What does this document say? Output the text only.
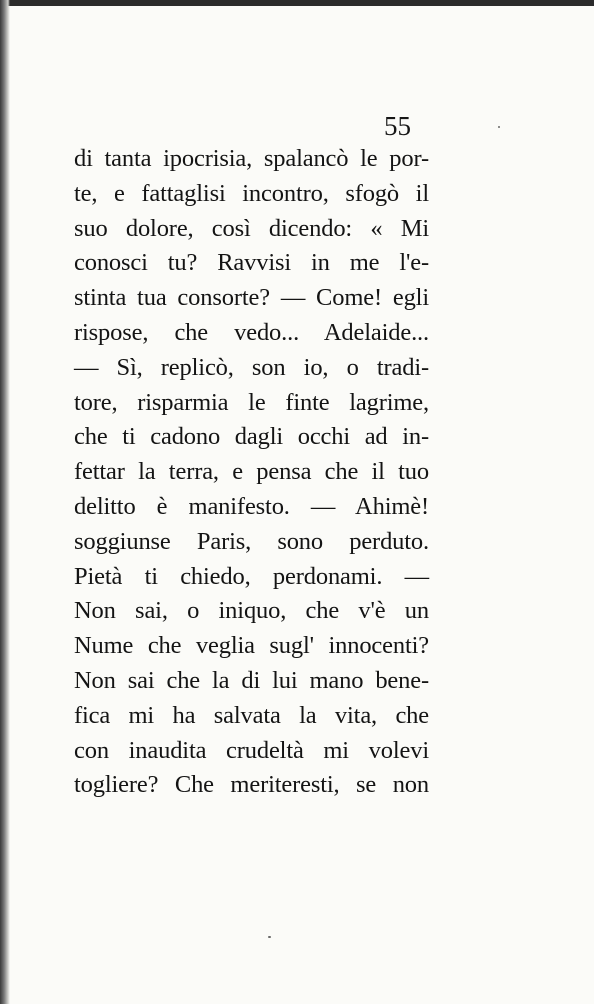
55
di tanta ipocrisia, spalancò le por-
te, e fattaglisi incontro, sfogò il
suo dolore, così dicendo: « Mi
conosci tu? Ravvisi in me l'e-
stinta tua consorte? — Come! egli
rispose, che vedo... Adelaide...
— Sì, replicò, son io, o tradi-
tore, risparmia le finte lagrime,
che ti cadono dagli occhi ad in-
fettar la terra, e pensa che il tuo
delitto è manifesto. — Ahimè!
soggiunse Paris, sono perduto.
Pietà ti chiedo, perdonami. —
Non sai, o iniquo, che v'è un
Nume che veglia sugl' innocenti?
Non sai che la di lui mano bene-
fica mi ha salvata la vita, che
con inaudita crudeltà mi volevi
togliere? Che meriteresti, se non
